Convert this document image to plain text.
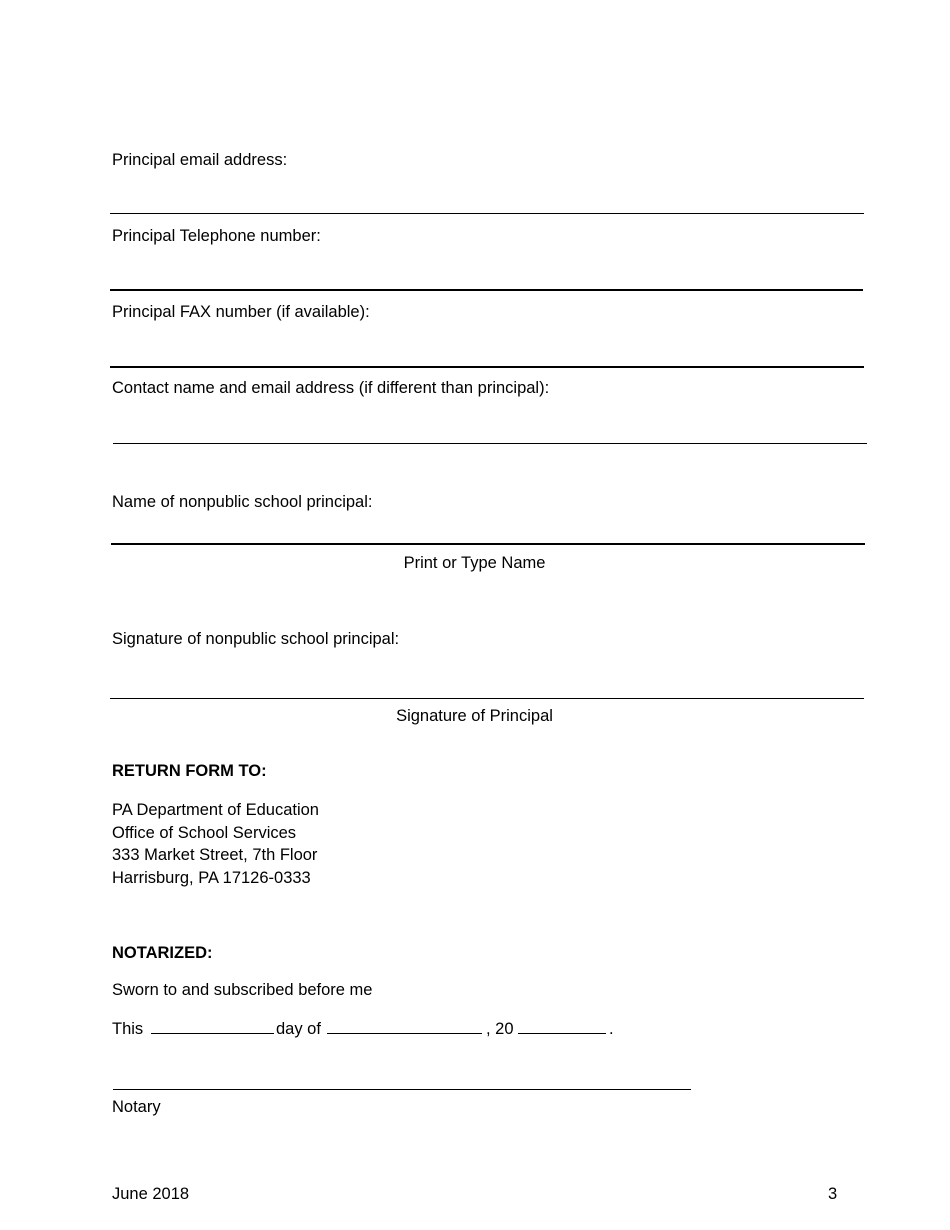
Principal email address:
Principal Telephone number:
Principal FAX number (if available):
Contact name and email address (if different than principal):
Name of nonpublic school principal:
Print or Type Name
Signature of nonpublic school principal:
Signature of Principal
RETURN FORM TO:
PA Department of Education
Office of School Services
333 Market Street, 7th Floor
Harrisburg, PA 17126-0333
NOTARIZED:
Sworn to and subscribed before me
This	day of	, 20	.
Notary
June 2018	3
